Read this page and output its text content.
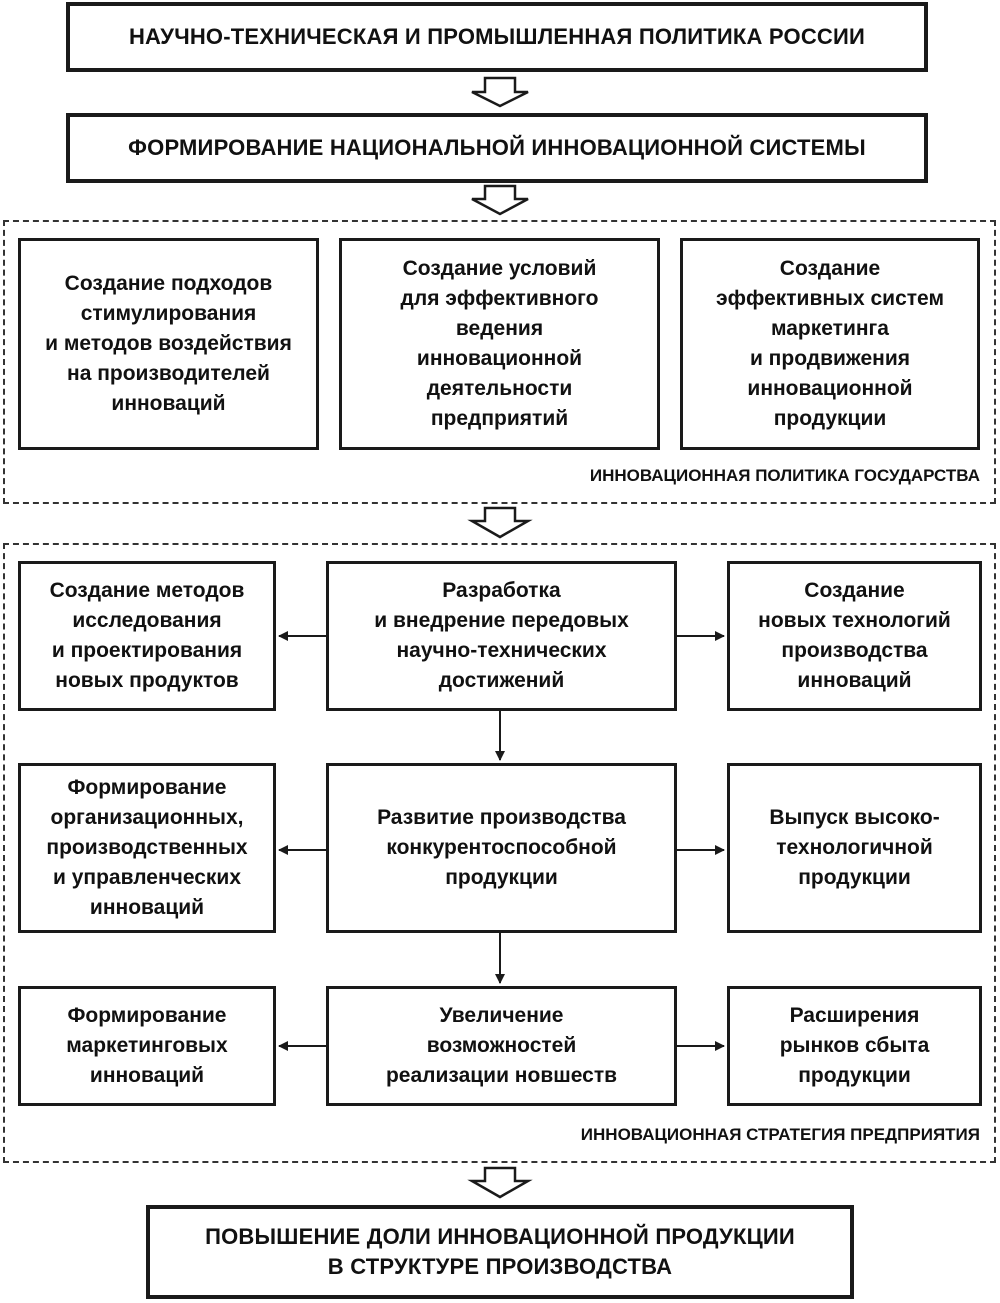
НАУЧНО-ТЕХНИЧЕСКАЯ И ПРОМЫШЛЕННАЯ ПОЛИТИКА РОССИИ
ФОРМИРОВАНИЕ НАЦИОНАЛЬНОЙ ИННОВАЦИОННОЙ СИСТЕМЫ
Создание подходов
стимулирования
и методов воздействия
на производителей
инноваций
Создание условий
для эффективного
ведения
инновационной
деятельности
предприятий
Создание
эффективных систем
маркетинга
и продвижения
инновационной
продукции
ИННОВАЦИОННАЯ ПОЛИТИКА ГОСУДАРСТВА
Создание методов
исследования
и проектирования
новых продуктов
Разработка
и внедрение передовых
научно-технических
достижений
Создание
новых технологий
производства
инноваций
Формирование
организационных,
производственных
и управленческих
инноваций
Развитие производства
конкурентоспособной
продукции
Выпуск высоко-
технологичной
продукции
Формирование
маркетинговых
инноваций
Увеличение
возможностей
реализации новшеств
Расширения
рынков сбыта
продукции
ИННОВАЦИОННАЯ СТРАТЕГИЯ ПРЕДПРИЯТИЯ
ПОВЫШЕНИЕ ДОЛИ ИННОВАЦИОННОЙ ПРОДУКЦИИ
В СТРУКТУРЕ ПРОИЗВОДСТВА
